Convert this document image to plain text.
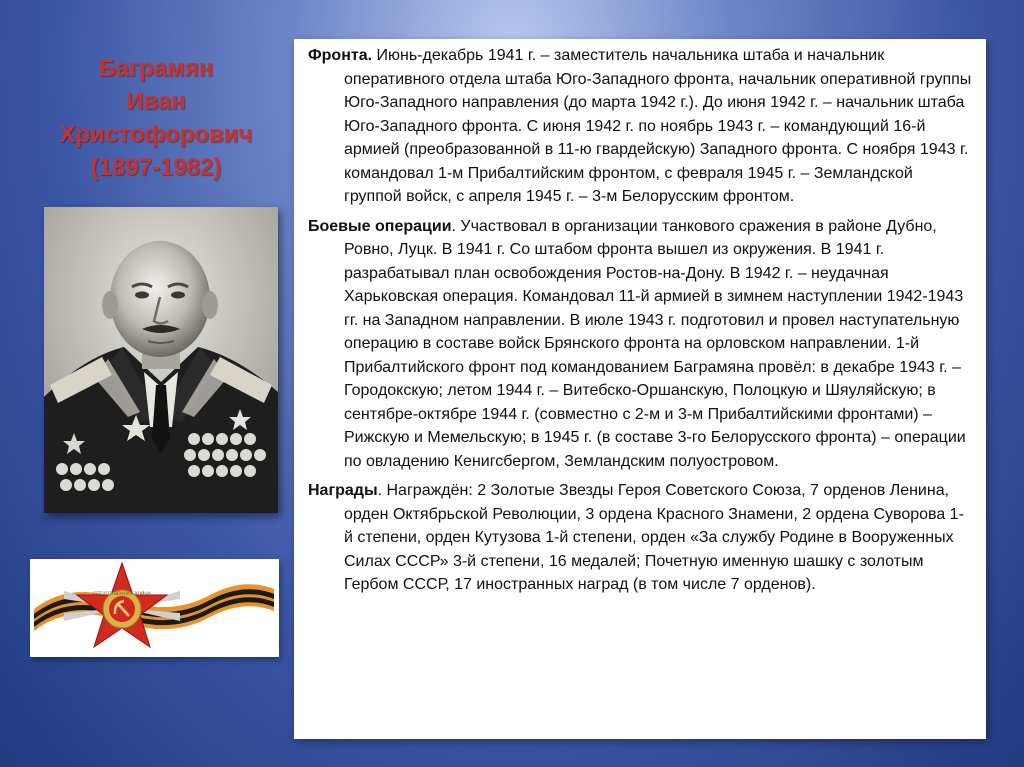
Баграмян
Иван
Христофорович
(1897-1982)
ОТЕЧЕСТВЕННАЯ ВОЙНА

Фронта. Июнь-декабрь 1941 г. – заместитель начальника штаба и начальник оперативного отдела штаба Юго-Западного фронта, начальник оперативной группы Юго-Западного направления (до марта 1942 г.). До июня 1942 г. – начальник штаба Юго-Западного фронта. С июня 1942 г. по ноябрь 1943 г. – командующий 16-й армией (преобразованной в 11-ю гвардейскую) Западного фронта. С ноября 1943 г. командовал 1-м Прибалтийским фронтом, с февраля 1945 г. – Земландской группой войск, с апреля 1945 г. – 3-м Белорусским фронтом.

Боевые операции. Участвовал в организации танкового сражения в районе Дубно, Ровно, Луцк. В 1941 г. Со штабом фронта вышел из окружения. В 1941 г. разрабатывал план освобождения Ростов-на-Дону. В 1942 г. – неудачная Харьковская операция. Командовал 11-й армией в зимнем наступлении 1942-1943 гг. на Западном направлении. В июле 1943 г. подготовил и провел наступательную операцию в составе войск Брянского фронта на орловском направлении. 1-й Прибалтийского фронт под командованием Баграмяна провёл: в декабре 1943 г. – Городокскую; летом 1944 г. – Витебско-Оршанскую, Полоцкую и Шяуляйскую; в сентябре-октябре 1944 г. (совместно с 2-м и 3-м Прибалтийскими фронтами) – Рижскую и Мемельскую; в 1945 г. (в составе 3-го Белорусского фронта) – операции по овладению Кенигсбергом, Земландским полуостровом.

Награды. Награждён: 2 Золотые Звезды Героя Советского Союза, 7 орденов Ленина, орден Октябрьской Революции, 3 ордена Красного Знамени, 2 ордена Суворова 1-й степени, орден Кутузова 1-й степени, орден «За службу Родине в Вооруженных Силах СССР» 3-й степени, 16 медалей; Почетную именную шашку с золотым Гербом СССР, 17 иностранных наград (в том числе 7 орденов).
